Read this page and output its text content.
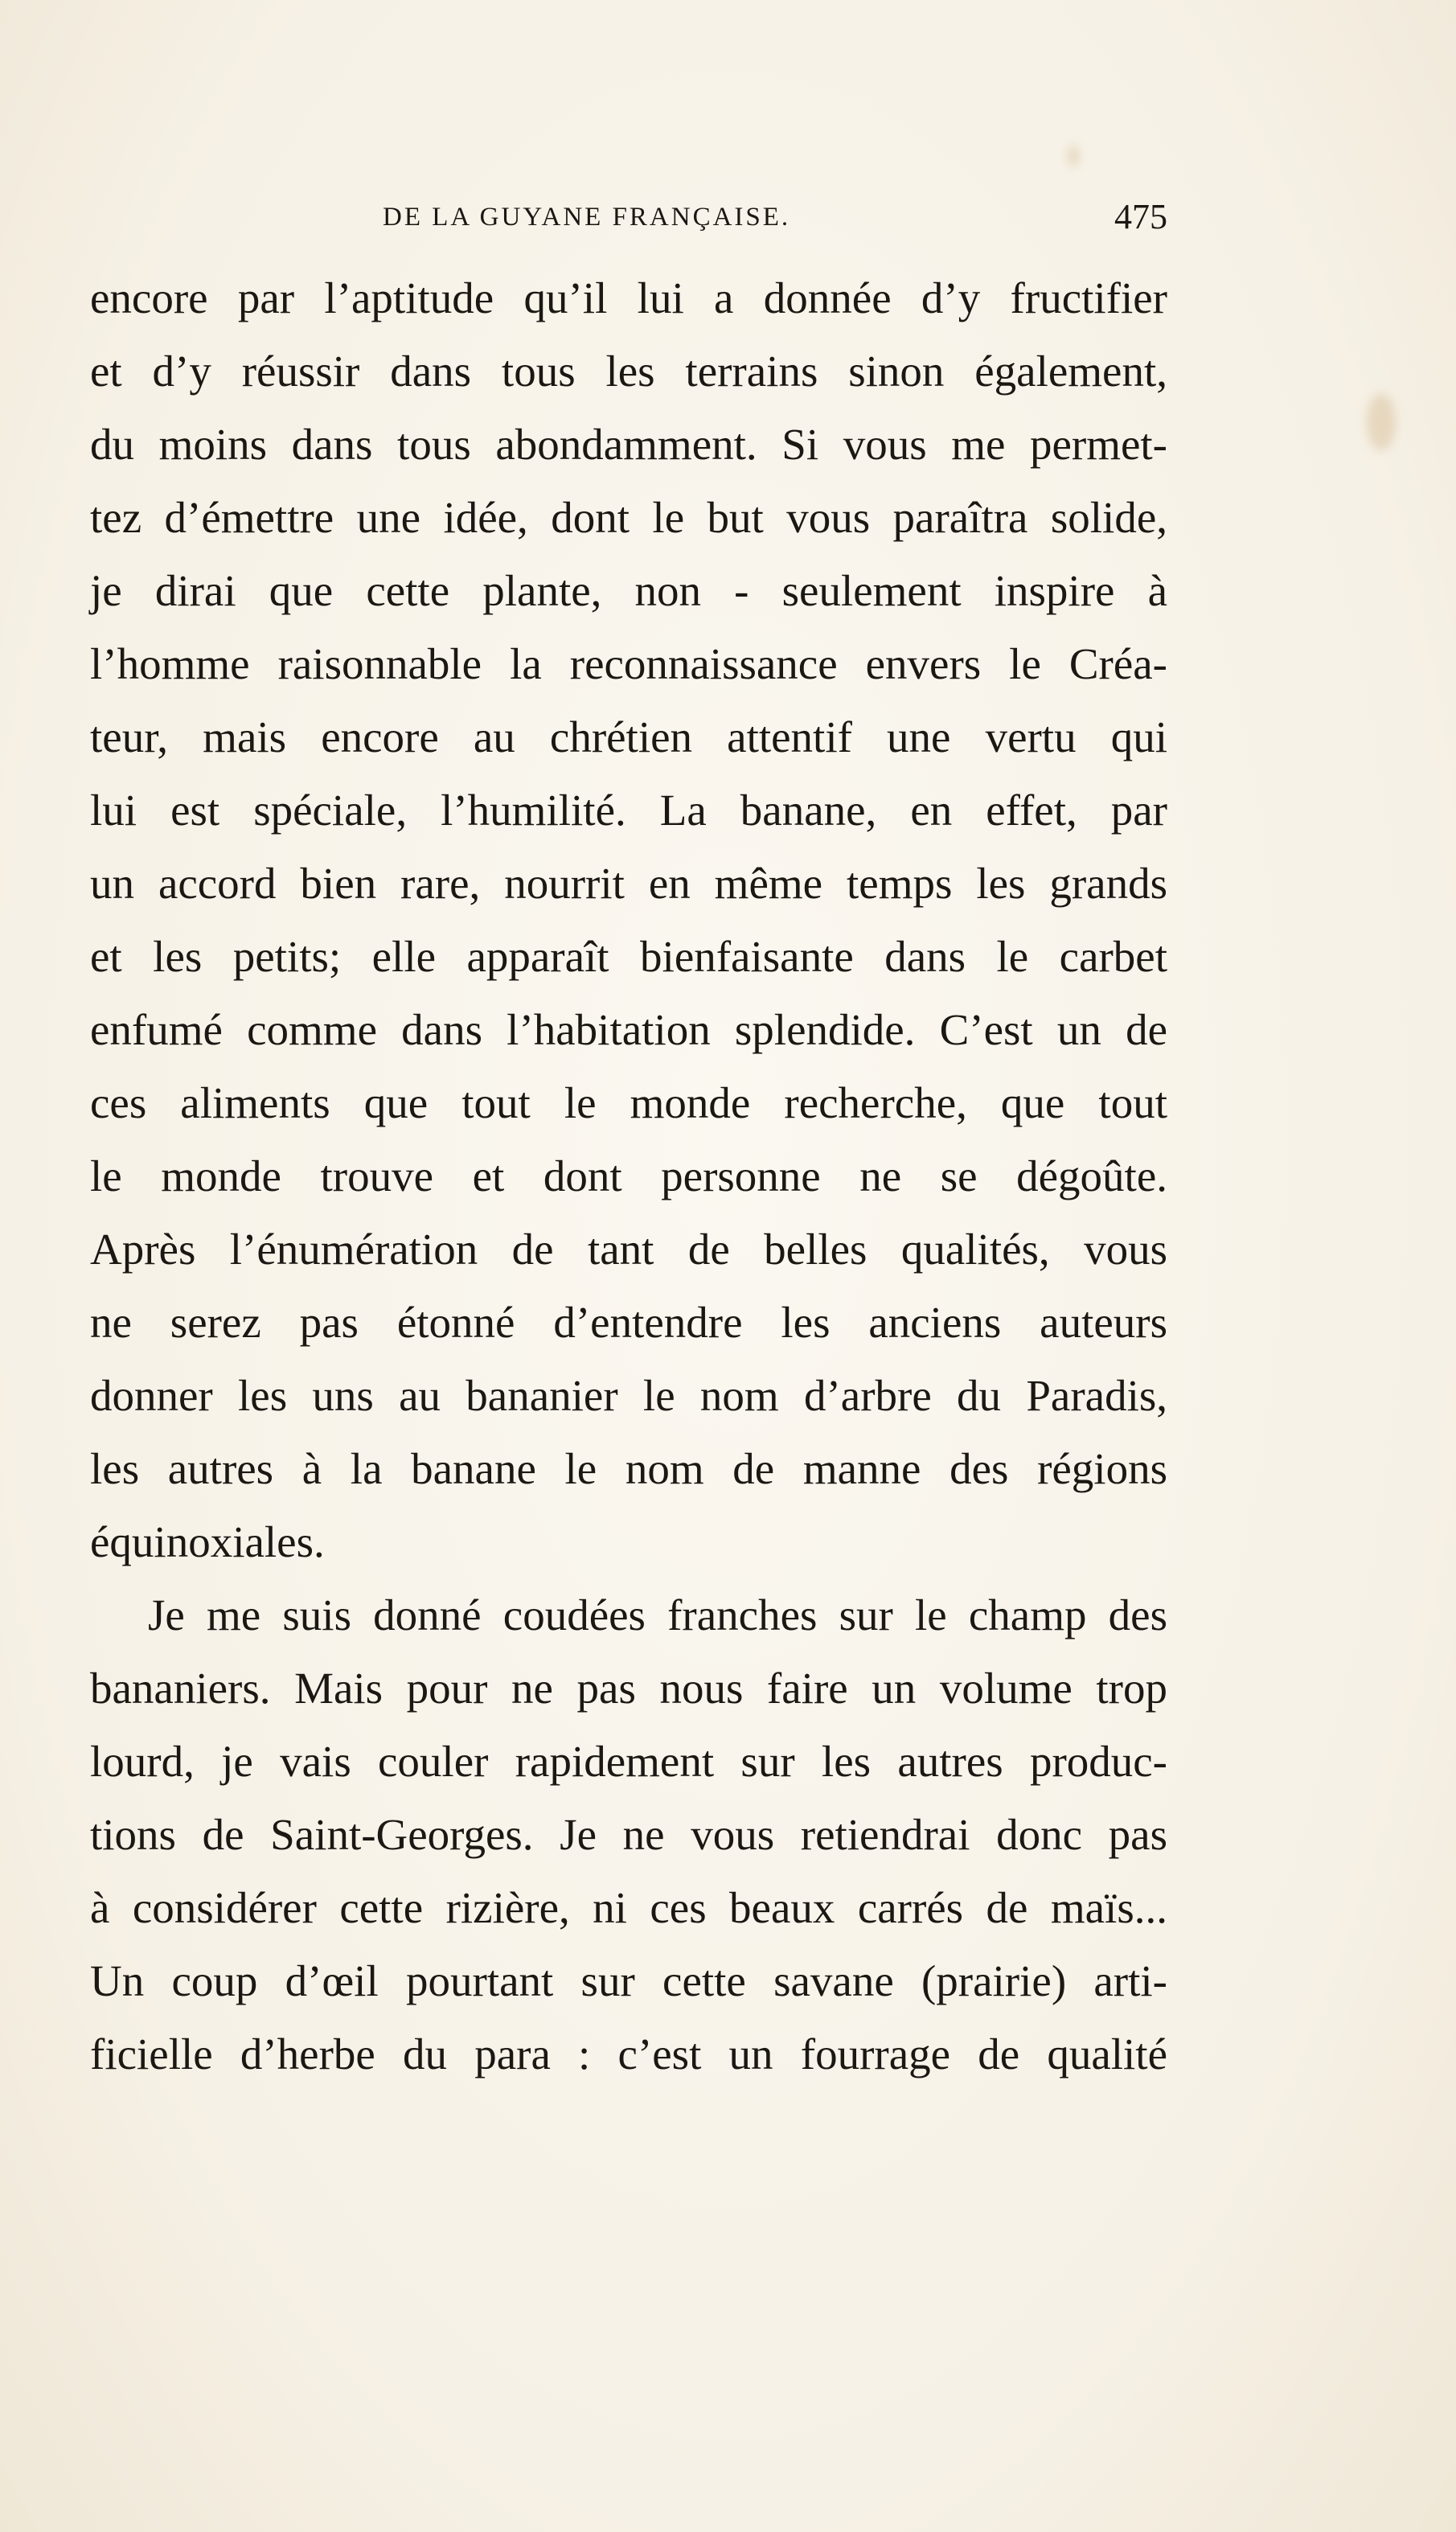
DE LA GUYANE FRANÇAISE.	475
encore par l’aptitude qu’il lui a donnée d’y fructifier
et d’y réussir dans tous les terrains sinon également,
du moins dans tous abondamment. Si vous me permet-
tez d’émettre une idée, dont le but vous paraîtra solide,
je dirai que cette plante, non - seulement inspire à
l’homme raisonnable la reconnaissance envers le Créa-
teur, mais encore au chrétien attentif une vertu qui
lui est spéciale, l’humilité. La banane, en effet, par
un accord bien rare, nourrit en même temps les grands
et les petits; elle apparaît bienfaisante dans le carbet
enfumé comme dans l’habitation splendide. C’est un de
ces aliments que tout le monde recherche, que tout
le monde trouve et dont personne ne se dégoûte.
Après l’énumération de tant de belles qualités, vous
ne serez pas étonné d’entendre les anciens auteurs
donner les uns au bananier le nom d’arbre du Paradis,
les autres à la banane le nom de manne des régions
équinoxiales.
Je me suis donné coudées franches sur le champ des
bananiers. Mais pour ne pas nous faire un volume trop
lourd, je vais couler rapidement sur les autres produc-
tions de Saint-Georges. Je ne vous retiendrai donc pas
à considérer cette rizière, ni ces beaux carrés de maïs...
Un coup d’œil pourtant sur cette savane (prairie) arti-
ficielle d’herbe du para : c’est un fourrage de qualité
